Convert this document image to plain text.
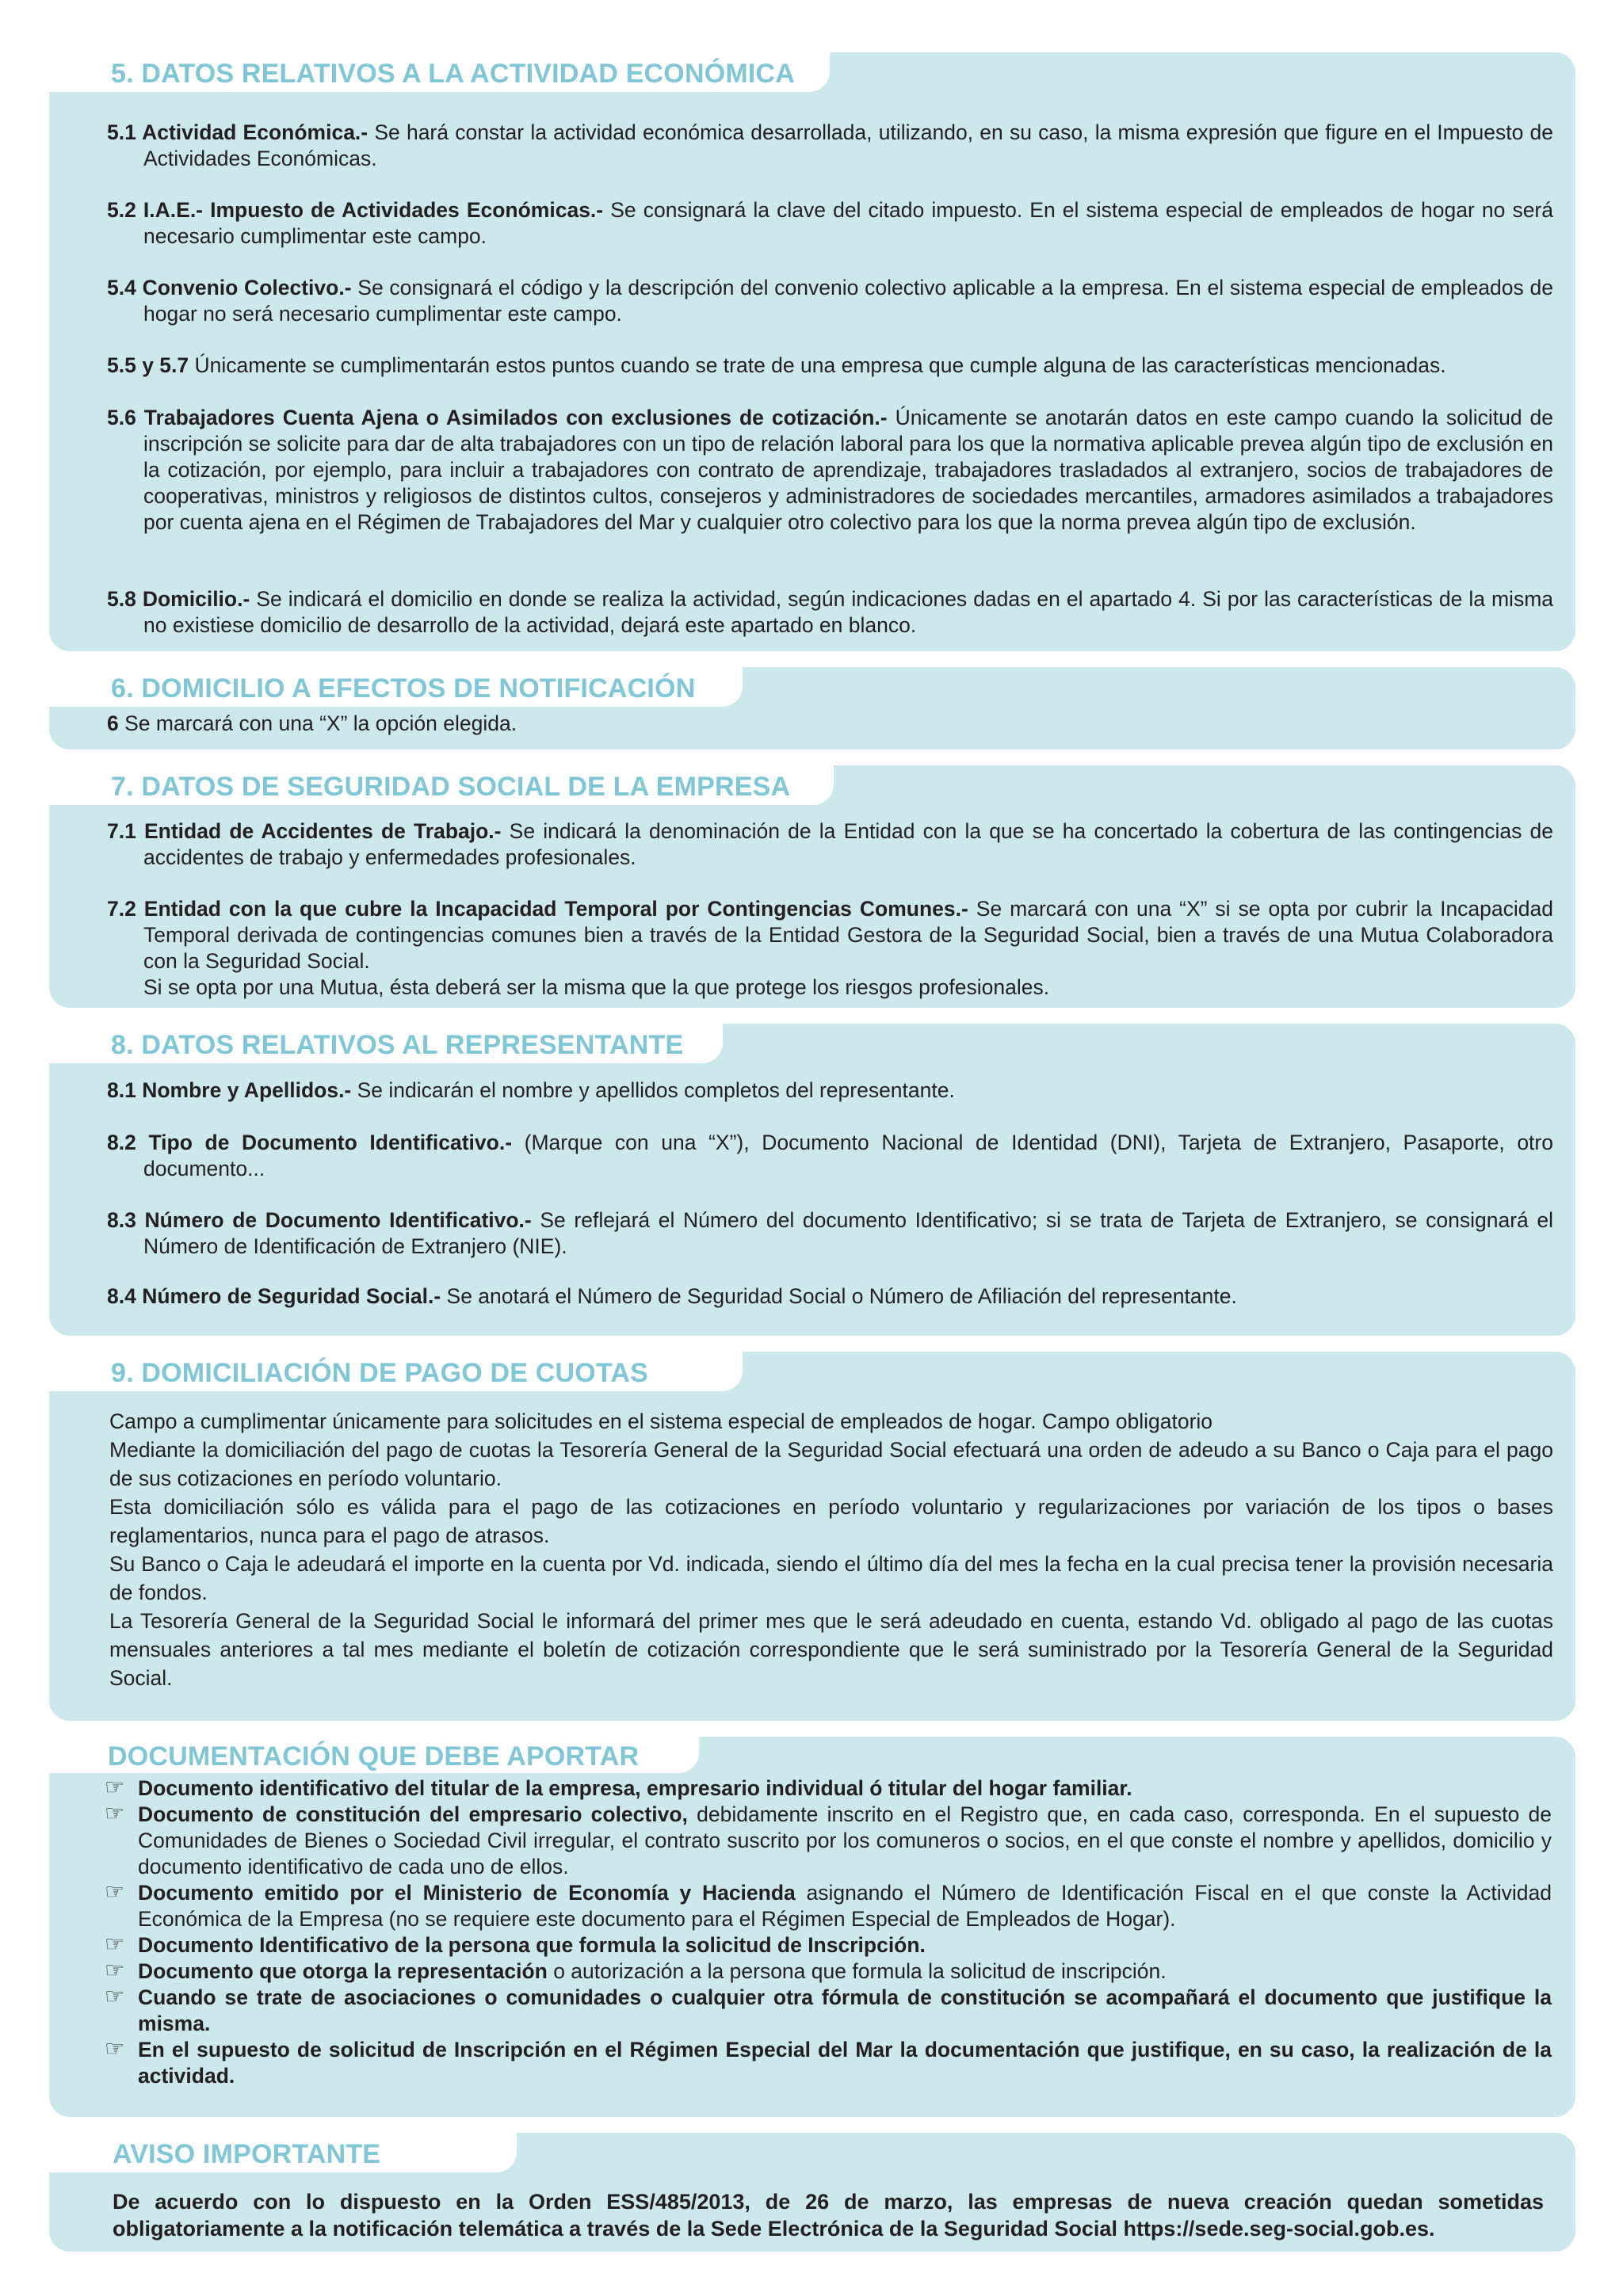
5. DATOS RELATIVOS A LA ACTIVIDAD ECONÓMICA
5.1 Actividad Económica.- Se hará constar la actividad económica desarrollada, utilizando, en su caso, la misma expresión que figure en el Impuesto de Actividades Económicas.
5.2 I.A.E.- Impuesto de Actividades Económicas.- Se consignará la clave del citado impuesto. En el sistema especial de empleados de hogar no será necesario cumplimentar este campo.
5.4 Convenio Colectivo.- Se consignará el código y la descripción del convenio colectivo aplicable a la empresa. En el sistema especial de empleados de hogar no será necesario cumplimentar este campo.
5.5 y 5.7 Únicamente se cumplimentarán estos puntos cuando se trate de una empresa que cumple alguna de las características mencionadas.
5.6 Trabajadores Cuenta Ajena o Asimilados con exclusiones de cotización.- Únicamente se anotarán datos en este campo cuando la solicitud de inscripción se solicite para dar de alta trabajadores con un tipo de relación laboral para los que la normativa aplicable prevea algún tipo de exclusión en la cotización, por ejemplo, para incluir a trabajadores con contrato de aprendizaje, trabajadores trasladados al extranjero, socios de trabajadores de cooperativas, ministros y religiosos de distintos cultos, consejeros y administradores de sociedades mercantiles, armadores asimilados a trabajadores por cuenta ajena en el Régimen de Trabajadores del Mar y cualquier otro colectivo para los que la norma prevea algún tipo de exclusión.
5.8 Domicilio.- Se indicará el domicilio en donde se realiza la actividad, según indicaciones dadas en el apartado 4. Si por las características de la misma no existiese domicilio de desarrollo de la actividad, dejará este apartado en blanco.
6. DOMICILIO A EFECTOS DE NOTIFICACIÓN
6 Se marcará con una “X” la opción elegida.
7. DATOS DE SEGURIDAD SOCIAL DE LA EMPRESA
7.1 Entidad de Accidentes de Trabajo.- Se indicará la denominación de la Entidad con la que se ha concertado la cobertura de las contingencias de accidentes de trabajo y enfermedades profesionales.
7.2 Entidad con la que cubre la Incapacidad Temporal por Contingencias Comunes.- Se marcará con una “X” si se opta por cubrir la Incapacidad Temporal derivada de contingencias comunes bien a través de la Entidad Gestora de la Seguridad Social, bien a través de una Mutua Colaboradora con la Seguridad Social.
Si se opta por una Mutua, ésta deberá ser la misma que la que protege los riesgos profesionales.
8. DATOS RELATIVOS AL REPRESENTANTE
8.1 Nombre y Apellidos.- Se indicarán el nombre y apellidos completos del representante.
8.2 Tipo de Documento Identificativo.- (Marque con una “X”), Documento Nacional de Identidad (DNI), Tarjeta de Extranjero, Pasaporte, otro documento...
8.3 Número de Documento Identificativo.- Se reflejará el Número del documento Identificativo; si se trata de Tarjeta de Extranjero, se consignará el Número de Identificación de Extranjero (NIE).
8.4 Número de Seguridad Social.- Se anotará el Número de Seguridad Social o Número de Afiliación del representante.
9. DOMICILIACIÓN DE PAGO DE CUOTAS

Campo a cumplimentar únicamente para solicitudes en el sistema especial de empleados de hogar. Campo obligatorio

Mediante la domiciliación del pago de cuotas la Tesorería General de la Seguridad Social efectuará una orden de adeudo a su Banco o Caja para el pago de sus cotizaciones en período voluntario.

Esta domiciliación sólo es válida para el pago de las cotizaciones en período voluntario y regularizaciones por variación de los tipos o bases reglamentarios, nunca para el pago de atrasos.

Su Banco o Caja le adeudará el importe en la cuenta por Vd. indicada, siendo el último día del mes la fecha en la cual precisa tener la provisión necesaria de fondos.

La Tesorería General de la Seguridad Social le informará del primer mes que le será adeudado en cuenta, estando Vd. obligado al pago de las cuotas mensuales anteriores a tal mes mediante el boletín de cotización correspondiente que le será suministrado por la Tesorería General de la Seguridad Social.

DOCUMENTACIÓN QUE DEBE APORTAR
☞ Documento identificativo del titular de la empresa, empresario individual ó titular del hogar familiar.
☞ Documento de constitución del empresario colectivo, debidamente inscrito en el Registro que, en cada caso, corresponda. En el supuesto de Comunidades de Bienes o Sociedad Civil irregular, el contrato suscrito por los comuneros o socios, en el que conste el nombre y apellidos, domicilio y documento identificativo de cada uno de ellos.
☞ Documento emitido por el Ministerio de Economía y Hacienda asignando el Número de Identificación Fiscal en el que conste la Actividad Económica de la Empresa (no se requiere este documento para el Régimen Especial de Empleados de Hogar).
☞ Documento Identificativo de la persona que formula la solicitud de Inscripción.
☞ Documento que otorga la representación o autorización a la persona que formula la solicitud de inscripción.
☞ Cuando se trate de asociaciones o comunidades o cualquier otra fórmula de constitución se acompañará el documento que justifique la misma.
☞ En el supuesto de solicitud de Inscripción en el Régimen Especial del Mar la documentación que justifique, en su caso, la realización de la actividad.
AVISO IMPORTANTE
De acuerdo con lo dispuesto en la Orden ESS/485/2013, de 26 de marzo, las empresas de nueva creación quedan sometidas obligatoriamente a la notificación telemática a través de la Sede Electrónica de la Seguridad Social https://sede.seg-social.gob.es.
